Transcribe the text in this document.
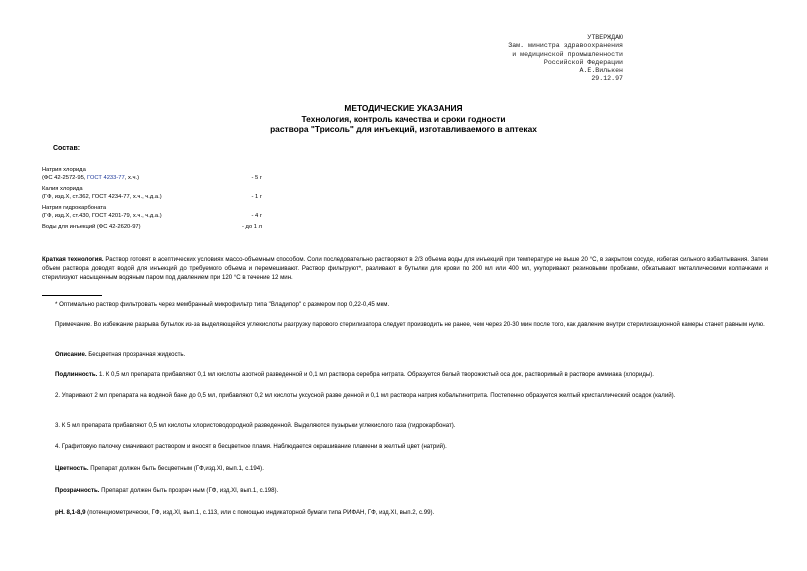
УТВЕРЖДАЮ
Зам. министра здравоохранения
и медицинской промышленности
Российской Федерации
А.Е.Вилькен
29.12.97
МЕТОДИЧЕСКИЕ УКАЗАНИЯ
Технология, контроль качества и сроки годности
раствора "Трисоль" для инъекций, изготавливаемого в аптеках
Состав:
Натрия хлорида
(ФС 42-2572-95, ГОСТ 4233-77, х.ч.)	- 5 г
Калия хлорида
(ГФ, изд.Х, ст.362, ГОСТ 4234-77, х.ч., ч.д.а.)	- 1 г
Натрия гидрокарбоната
(ГФ, изд.Х, ст.430, ГОСТ 4201-79, х.ч., ч.д.а.)	- 4 г
Воды для инъекций (ФС 42-2620-97)	- до 1 л
Краткая технология. Раствор готовят в асептических условиях массо-объемным способом. Соли последовательно растворяют в 2/3 объема воды для инъекций при температуре не выше 20 °С, в закрытом сосуде, избегая сильного взбалтывания. Затем объем раствора доводят водой для инъекций до требуемого объема и перемешивают. Раствор фильтруют*, разливают в бутылки для крови по 200 мл или 400 мл, укупоривают резиновыми пробками, обкатывают металлическими колпачками и стерилизуют насыщенным водяным паром под давлением при 120 °С в течение 12 мин.
* Оптимально раствор фильтровать через мембранный микрофильтр типа "Владипор" с размером пор 0,22-0,45 мкм.
Примечание. Во избежание разрыва бутылок из-за выделяющейся углекислоты разгрузку парового стерилизатора следует производить не ранее, чем через 20-30 мин после того, как давление внутри стерилизационной камеры станет равным нулю.
Описание. Бесцветная прозрачная жидкость.
Подлинность. 1. К 0,5 мл препарата прибавляют 0,1 мл кислоты азотной разведенной и 0,1 мл раствора серебра нитрата. Образуется белый творожистый оса док, растворимый в растворе аммиака (хлориды).
2. Упаривают 2 мл препарата на водяной бане до 0,5 мл, прибавляют 0,2 мл кислоты уксусной разве денной и 0,1 мл раствора натрия кобальтинитрита. Постепенно образуется желтый кристаллический осадок (калий).
3. К 5 мл препарата прибавляют 0,5 мл кислоты хлористоводородной разведенной. Выделяются пузырьки углекислого газа (гидрокарбонат).
4. Графитовую палочку смачивают раствором и вносят в бесцветное пламя. Наблюдается окрашивание пламени в желтый цвет (натрий).
Цветность. Препарат должен быть бесцветным (ГФ,изд.XI, вып.1, с.194).
Прозрачность. Препарат должен быть прозрач ным (ГФ, изд.XI, вып.1, с.198).
рН. 8,1-8,9 (потенциометрически, ГФ, изд.XI, вып.1, с.113, или с помощью индикаторной бумаги типа РИФАН, ГФ, изд.XI, вып.2, с.99).
